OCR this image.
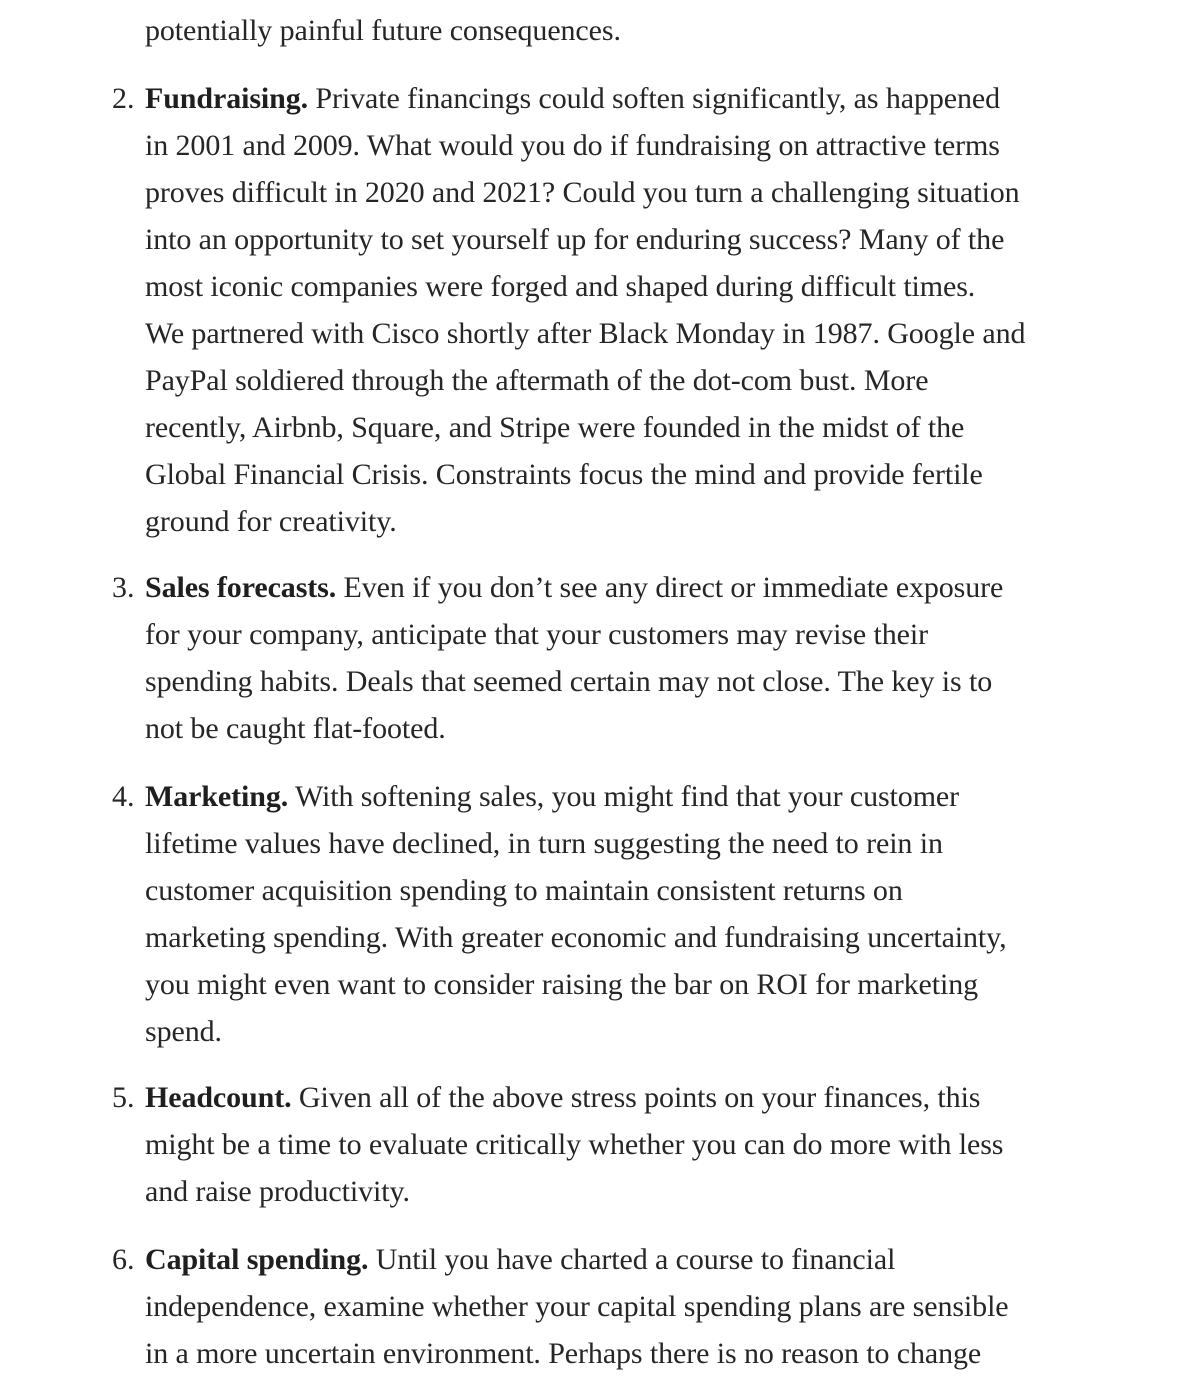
potentially painful future consequences.
2. Fundraising. Private financings could soften significantly, as happened
in 2001 and 2009. What would you do if fundraising on attractive terms
proves difficult in 2020 and 2021? Could you turn a challenging situation
into an opportunity to set yourself up for enduring success? Many of the
most iconic companies were forged and shaped during difficult times.
We partnered with Cisco shortly after Black Monday in 1987. Google and
PayPal soldiered through the aftermath of the dot-com bust. More
recently, Airbnb, Square, and Stripe were founded in the midst of the
Global Financial Crisis. Constraints focus the mind and provide fertile
ground for creativity.
3. Sales forecasts. Even if you don’t see any direct or immediate exposure
for your company, anticipate that your customers may revise their
spending habits. Deals that seemed certain may not close. The key is to
not be caught flat-footed.
4. Marketing. With softening sales, you might find that your customer
lifetime values have declined, in turn suggesting the need to rein in
customer acquisition spending to maintain consistent returns on
marketing spending. With greater economic and fundraising uncertainty,
you might even want to consider raising the bar on ROI for marketing
spend.
5. Headcount. Given all of the above stress points on your finances, this
might be a time to evaluate critically whether you can do more with less
and raise productivity.
6. Capital spending. Until you have charted a course to financial
independence, examine whether your capital spending plans are sensible
in a more uncertain environment. Perhaps there is no reason to change
